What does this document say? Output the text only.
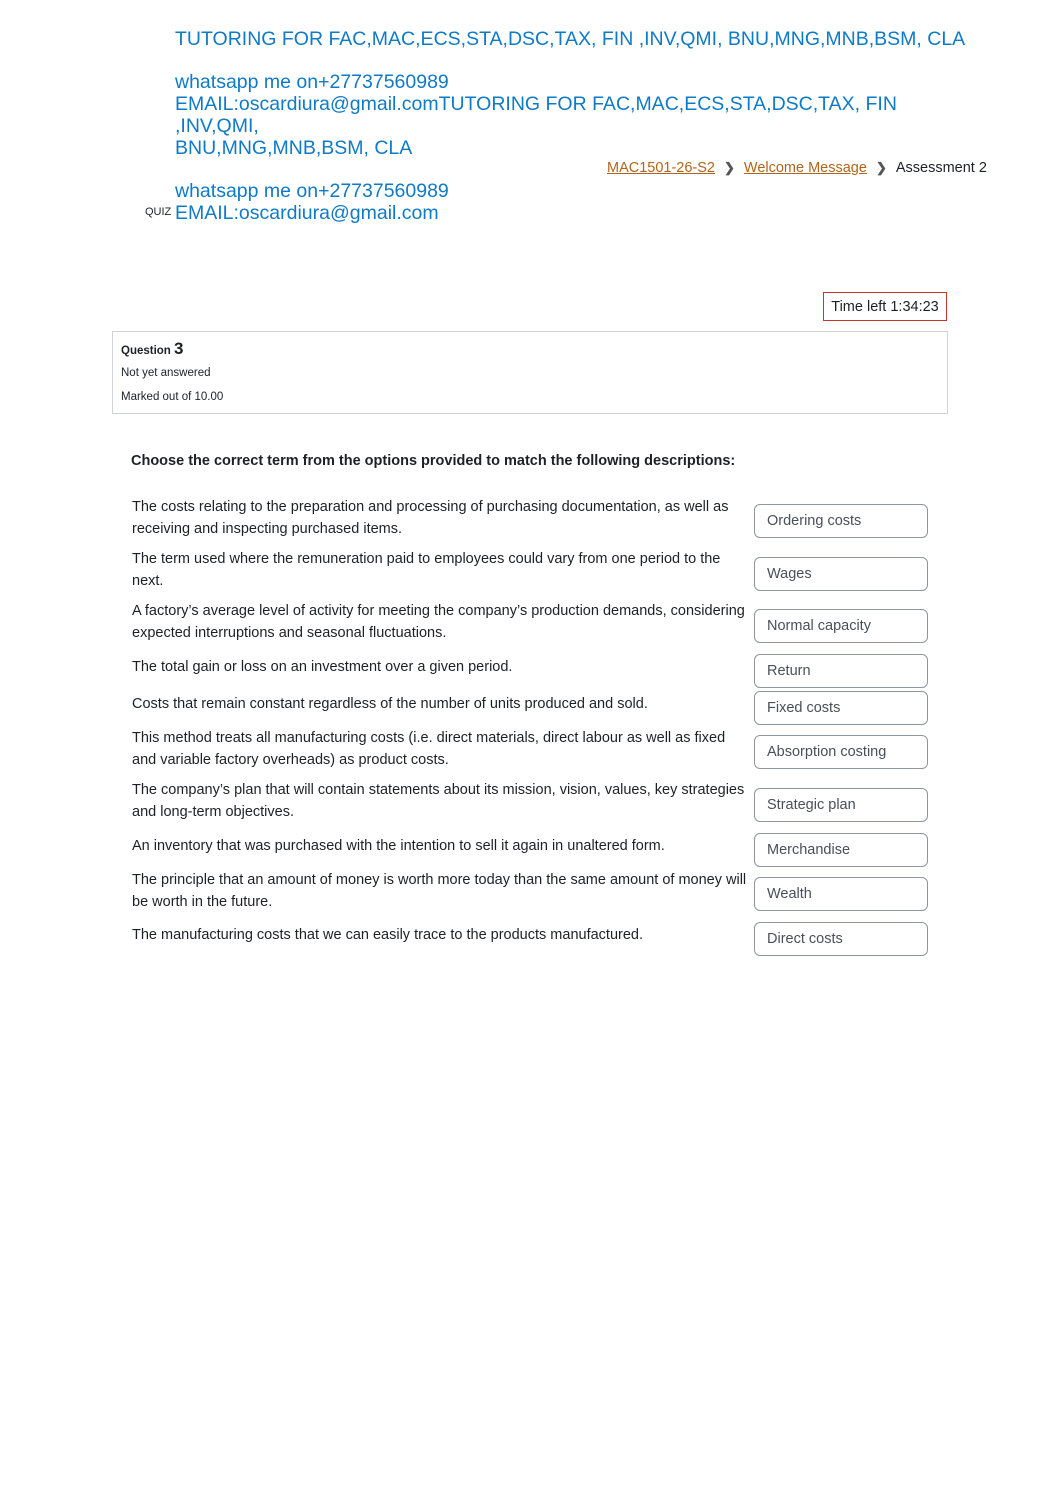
TUTORING FOR FAC,MAC,ECS,STA,DSC,TAX, FIN ,INV,QMI, BNU,MNG,MNB,BSM, CLA
whatsapp me on+27737560989
EMAIL:oscardiura@gmail.comTUTORING FOR FAC,MAC,ECS,STA,DSC,TAX, FIN ,INV,QMI,
BNU,MNG,MNB,BSM, CLA
whatsapp me on+27737560989
EMAIL:oscardiura@gmail.com
MAC1501-26-S2 ❯ Welcome Message ❯ Assessment 2
QUIZ
Time left 1:34:23
Question 3
Not yet answered
Marked out of 10.00
Choose the correct term from the options provided to match the following descriptions:
The costs relating to the preparation and processing of purchasing documentation, as well as receiving and inspecting purchased items.	Ordering costs
The term used where the remuneration paid to employees could vary from one period to the next.	Wages
A factory’s average level of activity for meeting the company’s production demands, considering expected interruptions and seasonal fluctuations.	Normal capacity
The total gain or loss on an investment over a given period.	Return
Costs that remain constant regardless of the number of units produced and sold.	Fixed costs
This method treats all manufacturing costs (i.e. direct materials, direct labour as well as fixed and variable factory overheads) as product costs.	Absorption costing
The company’s plan that will contain statements about its mission, vision, values, key strategies and long-term objectives.	Strategic plan
An inventory that was purchased with the intention to sell it again in unaltered form.	Merchandise
The principle that an amount of money is worth more today than the same amount of money will be worth in the future.	Wealth
The manufacturing costs that we can easily trace to the products manufactured.	Direct costs
